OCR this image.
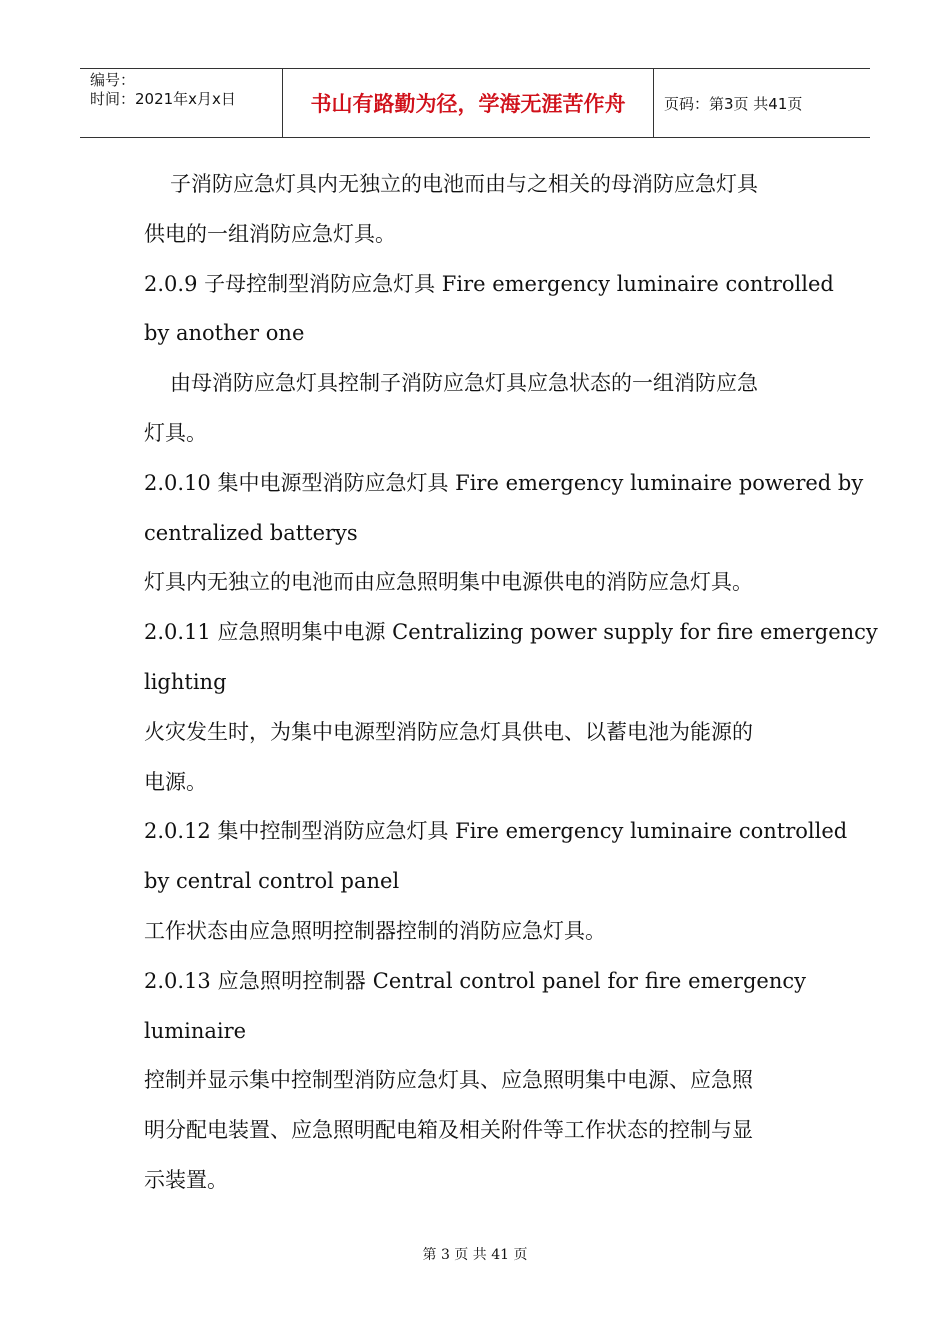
编号：
时间：2021年x月x日	书山有路勤为径，学海无涯苦作舟	页码：第3页 共41页
子消防应急灯具内无独立的电池而由与之相关的母消防应急灯具
供电的一组消防应急灯具。
2.0.9 子母控制型消防应急灯具 Fire emergency luminaire controlled
by another one
由母消防应急灯具控制子消防应急灯具应急状态的一组消防应急
灯具。
2.0.10 集中电源型消防应急灯具 Fire emergency luminaire powered by
centralized batterys
灯具内无独立的电池而由应急照明集中电源供电的消防应急灯具。
2.0.11 应急照明集中电源 Centralizing power supply for fire emergency
lighting
火灾发生时，为集中电源型消防应急灯具供电、以蓄电池为能源的
电源。
2.0.12 集中控制型消防应急灯具 Fire emergency luminaire controlled
by central control panel
工作状态由应急照明控制器控制的消防应急灯具。
2.0.13 应急照明控制器 Central control panel for fire emergency
luminaire
控制并显示集中控制型消防应急灯具、应急照明集中电源、应急照
明分配电装置、应急照明配电箱及相关附件等工作状态的控制与显
示装置。
第 3 页 共 41 页
